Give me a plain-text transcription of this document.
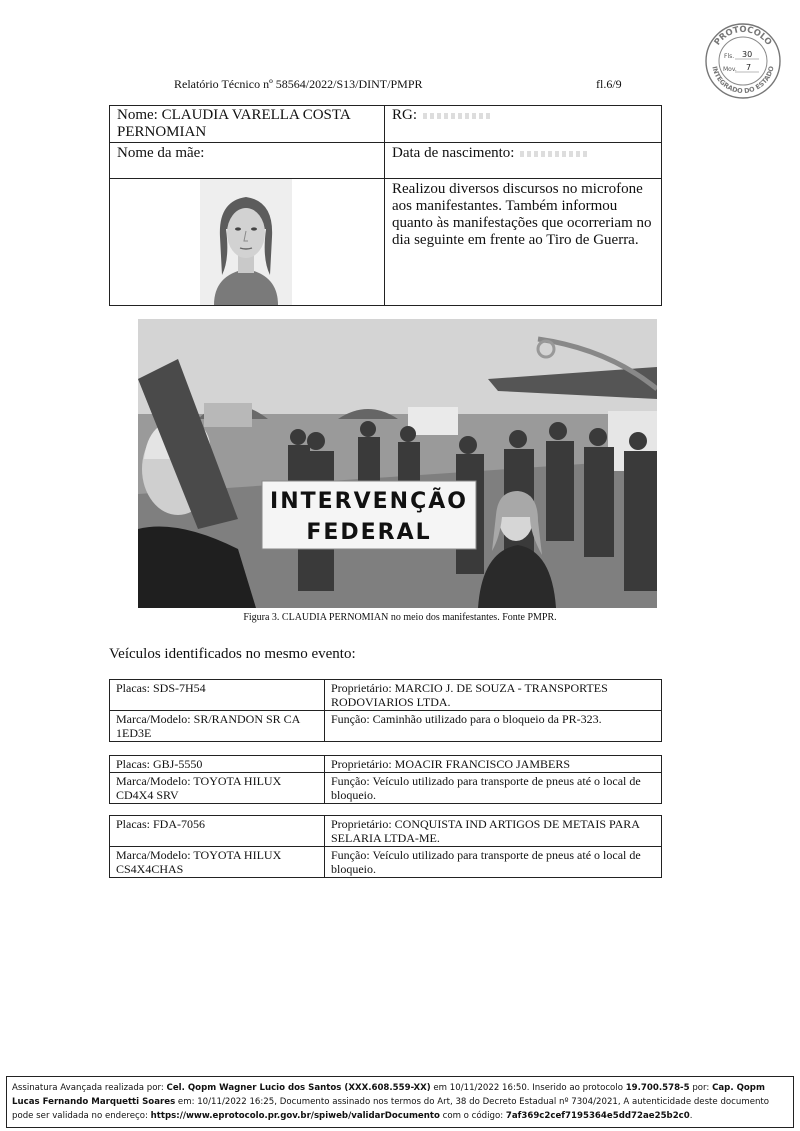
PROTOCOLO
INTEGRADO DO ESTADO
Fls. 30
Mov. 7
Relatório Técnico nº 58564/2022/S13/DINT/PMPR	fl.6/9
Nome: CLAUDIA VARELLA COSTA PERNOMIAN	RG:
Nome da mãe:	Data de nascimento:

	Realizou diversos discursos no microfone aos manifestantes. Também informou quanto às manifestações que ocorreriam no dia seguinte em frente ao Tiro de Guerra.
INTERVENÇÃO
FEDERAL
Figura 3. CLAUDIA PERNOMIAN no meio dos manifestantes. Fonte PMPR.
Veículos identificados no mesmo evento:
Placas: SDS-7H54	Proprietário: MARCIO J. DE SOUZA - TRANSPORTES RODOVIARIOS LTDA.
Marca/Modelo: SR/RANDON SR CA 1ED3E	Função: Caminhão utilizado para o bloqueio da PR-323.
Placas: GBJ-5550	Proprietário: MOACIR FRANCISCO JAMBERS
Marca/Modelo: TOYOTA HILUX CD4X4 SRV	Função: Veículo utilizado para transporte de pneus até o local de bloqueio.
Placas: FDA-7056	Proprietário: CONQUISTA IND ARTIGOS DE METAIS PARA SELARIA LTDA-ME.
Marca/Modelo: TOYOTA HILUX CS4X4CHAS	Função: Veículo utilizado para transporte de pneus até o local de bloqueio.
Assinatura Avançada realizada por: Cel. Qopm Wagner Lucio dos Santos (XXX.608.559-XX) em 10/11/2022 16:50. Inserido ao protocolo 19.700.578-5 por: Cap. Qopm Lucas Fernando Marquetti Soares em: 10/11/2022 16:25, Documento assinado nos termos do Art, 38 do Decreto Estadual nº 7304/2021, A autenticidade deste documento pode ser validada no endereço: https://www.eprotocolo.pr.gov.br/spiweb/validarDocumento com o código: 7af369c2cef7195364e5dd72ae25b2c0.
